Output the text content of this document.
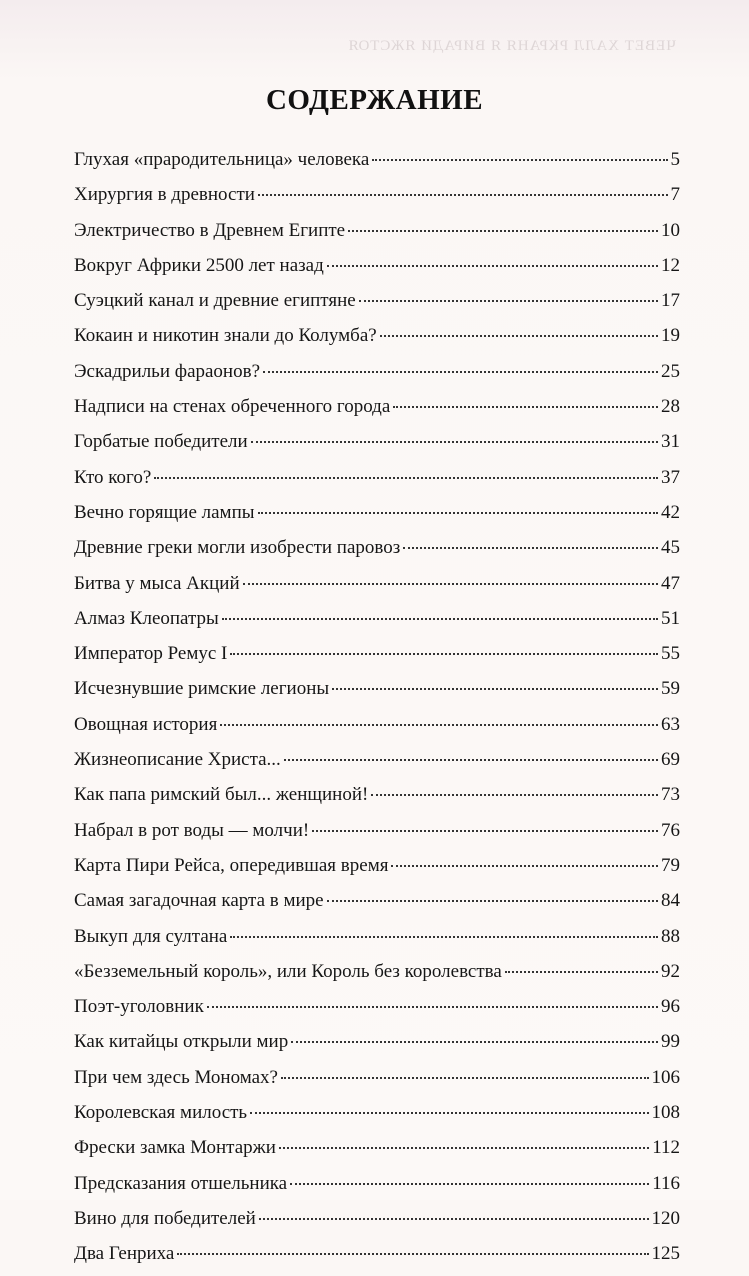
ЧЕВЕТ ХАЛЛ РКРАНЯ Я ВИРАДИ ЯЖСТОЯ
СОДЕРЖАНИЕ
Глухая «прародительница» человека	5
Хирургия в древности	7
Электричество в Древнем Египте	10
Вокруг Африки 2500 лет назад	12
Суэцкий канал и древние египтяне	17
Кокаин и никотин знали до Колумба?	19
Эскадрильи фараонов?	25
Надписи на стенах обреченного города	28
Горбатые победители	31
Кто кого?	37
Вечно горящие лампы	42
Древние греки могли изобрести паровоз	45
Битва у мыса Акций	47
Алмаз Клеопатры	51
Император Ремус I	55
Исчезнувшие римские легионы	59
Овощная история	63
Жизнеописание Христа...	69
Как папа римский был... женщиной!	73
Набрал в рот воды — молчи!	76
Карта Пири Рейса, опередившая время	79
Самая загадочная карта в мире	84
Выкуп для султана	88
«Безземельный король», или Король без королевства	92
Поэт-уголовник	96
Как китайцы открыли мир	99
При чем здесь Мономах?	106
Королевская милость	108
Фрески замка Монтаржи	112
Предсказания отшельника	116
Вино для победителей	120
Два Генриха	125
